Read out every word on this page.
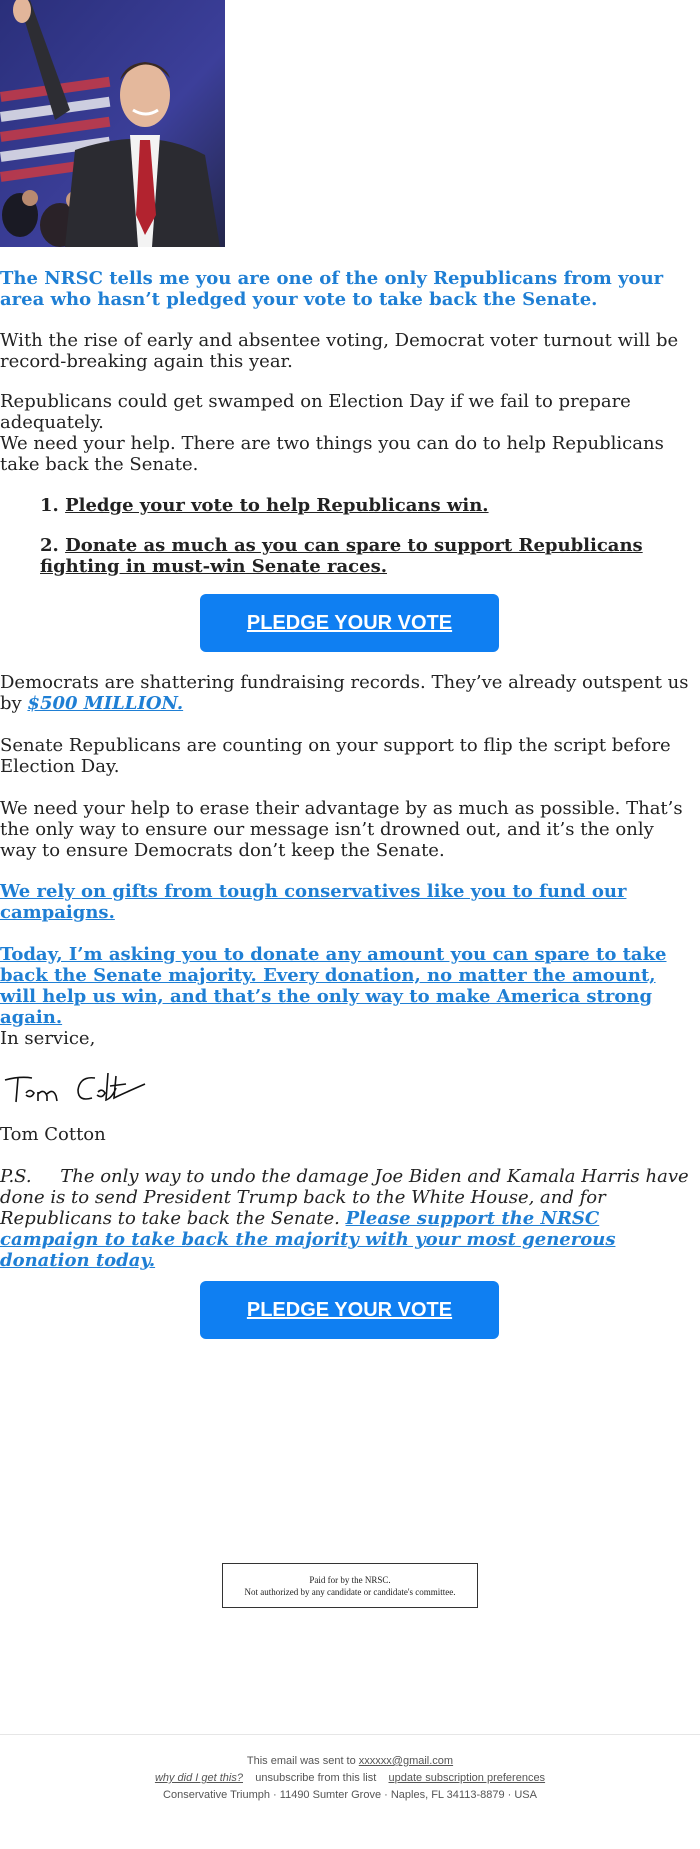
The NRSC tells me you are one of the only Republicans from your area who hasn’t pledged your vote to take back the Senate.

With the rise of early and absentee voting, Democrat voter turnout will be record-breaking again this year.

Republicans could get swamped on Election Day if we fail to prepare adequately.

We need your help. There are two things you can do to help Republicans take back the Senate.

1. Pledge your vote to help Republicans win.

2. Donate as much as you can spare to support Republicans fighting in must-win Senate races.

PLEDGE YOUR VOTE

Democrats are shattering fundraising records. They’ve already outspent us by $500 MILLION.

Senate Republicans are counting on your support to flip the script before Election Day.

We need your help to erase their advantage by as much as possible. That’s the only way to ensure our message isn’t drowned out, and it’s the only way to ensure Democrats don’t keep the Senate.

We rely on gifts from tough conservatives like you to fund our campaigns.

Today, I’m asking you to donate any amount you can spare to take back the Senate majority. Every donation, no matter the amount, will help us win, and that’s the only way to make America strong again.

In service,

Tom Cotton

P.S. The only way to undo the damage Joe Biden and Kamala Harris have done is to send President Trump back to the White House, and for Republicans to take back the Senate. Please support the NRSC campaign to take back the majority with your most generous donation today.

PLEDGE YOUR VOTE
Paid for by the NRSC.
Not authorized by any candidate or candidate's committee.
This email was sent to xxxxxx@gmail.com
why did I get this? unsubscribe from this list update subscription preferences
Conservative Triumph · 11490 Sumter Grove · Naples, FL 34113-8879 · USA
